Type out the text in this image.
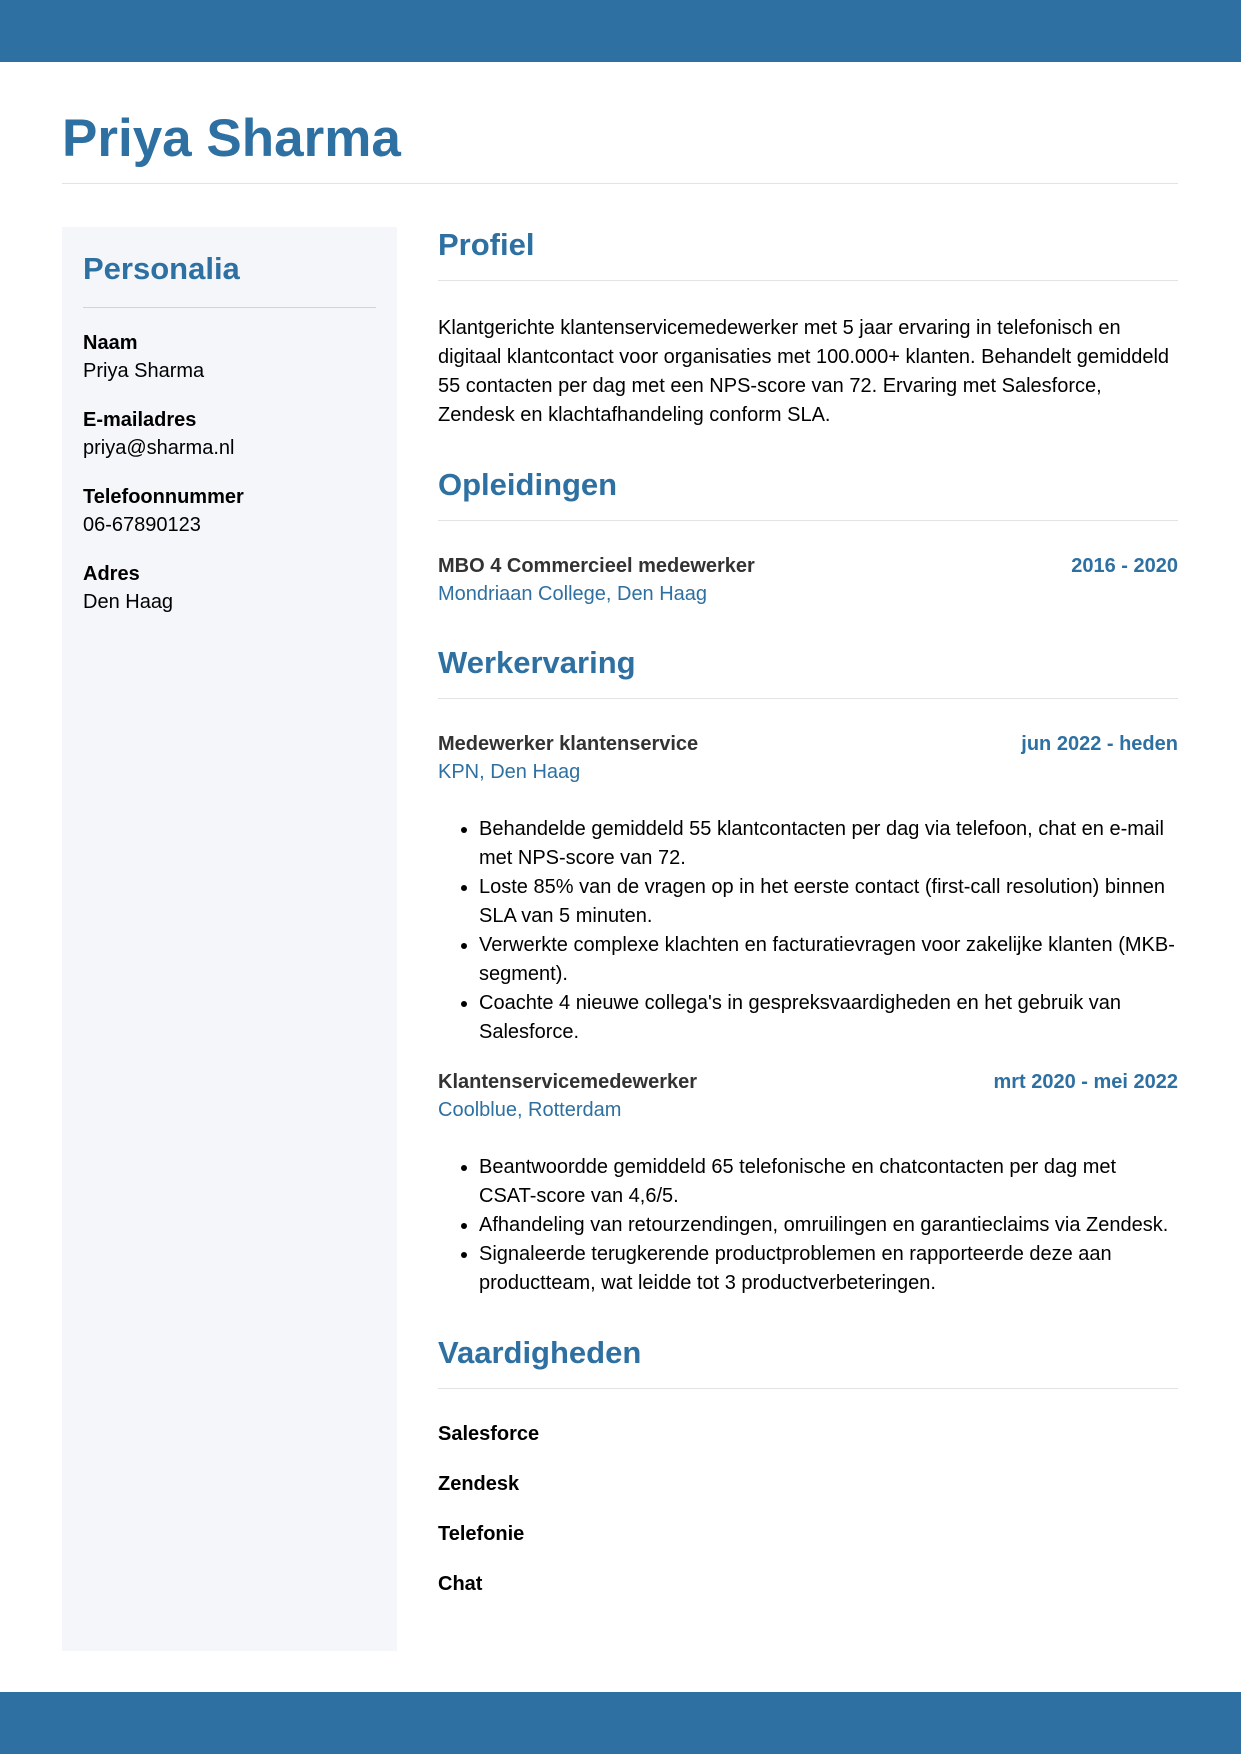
Priya Sharma
Personalia
Naam
Priya Sharma
E-mailadres
priya@sharma.nl
Telefoonnummer
06-67890123
Adres
Den Haag
Profiel

Klantgerichte klantenservicemedewerker met 5 jaar ervaring in telefonisch en digitaal klantcontact voor organisaties met 100.000+ klanten. Behandelt gemiddeld 55 contacten per dag met een NPS-score van 72. Ervaring met Salesforce, Zendesk en klachtafhandeling conform SLA.

Opleidingen
MBO 4 Commercieel medewerker	2016 - 2020
Mondriaan College, Den Haag
Werkervaring
Medewerker klantenservice	jun 2022 - heden
KPN, Den Haag
• Behandelde gemiddeld 55 klantcontacten per dag via telefoon, chat en e-mail met NPS-score van 72.
• Loste 85% van de vragen op in het eerste contact (first-call resolution) binnen SLA van 5 minuten.
• Verwerkte complexe klachten en facturatievragen voor zakelijke klanten (MKB-segment).
• Coachte 4 nieuwe collega's in gespreksvaardigheden en het gebruik van Salesforce.
Klantenservicemedewerker	mrt 2020 - mei 2022
Coolblue, Rotterdam
• Beantwoordde gemiddeld 65 telefonische en chatcontacten per dag met CSAT-score van 4,6/5.
• Afhandeling van retourzendingen, omruilingen en garantieclaims via Zendesk.
• Signaleerde terugkerende productproblemen en rapporteerde deze aan productteam, wat leidde tot 3 productverbeteringen.
Vaardigheden
Salesforce
Zendesk
Telefonie
Chat
